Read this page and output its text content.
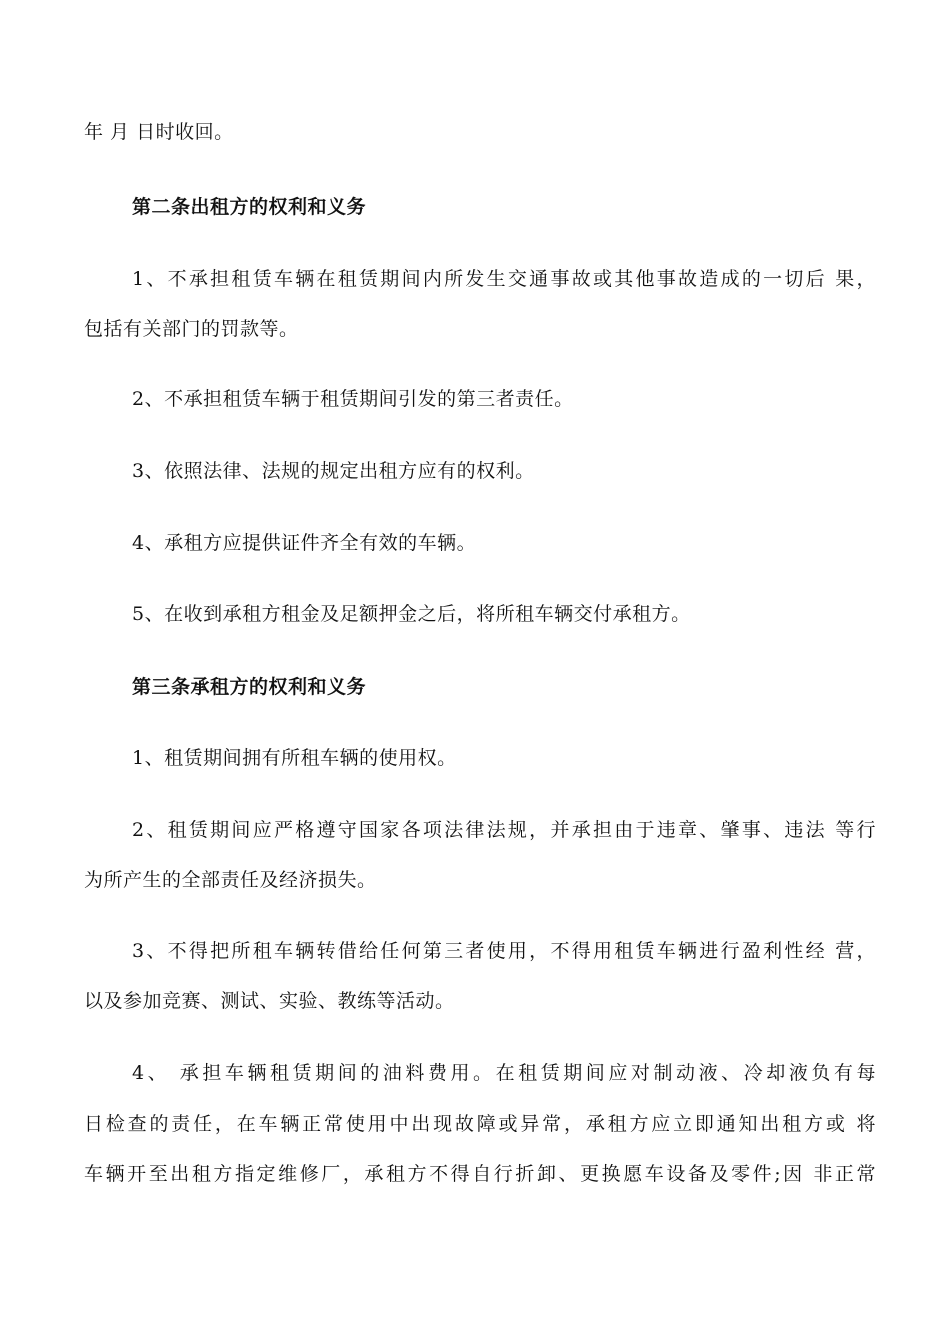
年 月 日时收回。
第二条出租方的权利和义务
1、不承担租赁车辆在租赁期间内所发生交通事故或其他事故造成的一切后 果，
包括有关部门的罚款等。
2、不承担租赁车辆于租赁期间引发的第三者责任。
3、依照法律、法规的规定出租方应有的权利。
4、承租方应提供证件齐全有效的车辆。
5、在收到承租方租金及足额押金之后，将所租车辆交付承租方。
第三条承租方的权利和义务
1、租赁期间拥有所租车辆的使用权。
2、租赁期间应严格遵守国家各项法律法规，并承担由于违章、肇事、违法 等行
为所产生的全部责任及经济损失。
3、不得把所租车辆转借给任何第三者使用，不得用租赁车辆进行盈利性经 营，
以及参加竞赛、测试、实验、教练等活动。
4、 承担车辆租赁期间的油料费用。在租赁期间应对制动液、冷却液负有每
日检查的责任，在车辆正常使用中出现故障或异常，承租方应立即通知出租方或 将
车辆开至出租方指定维修厂，承租方不得自行折卸、更换愿车设备及零件;因 非正常
